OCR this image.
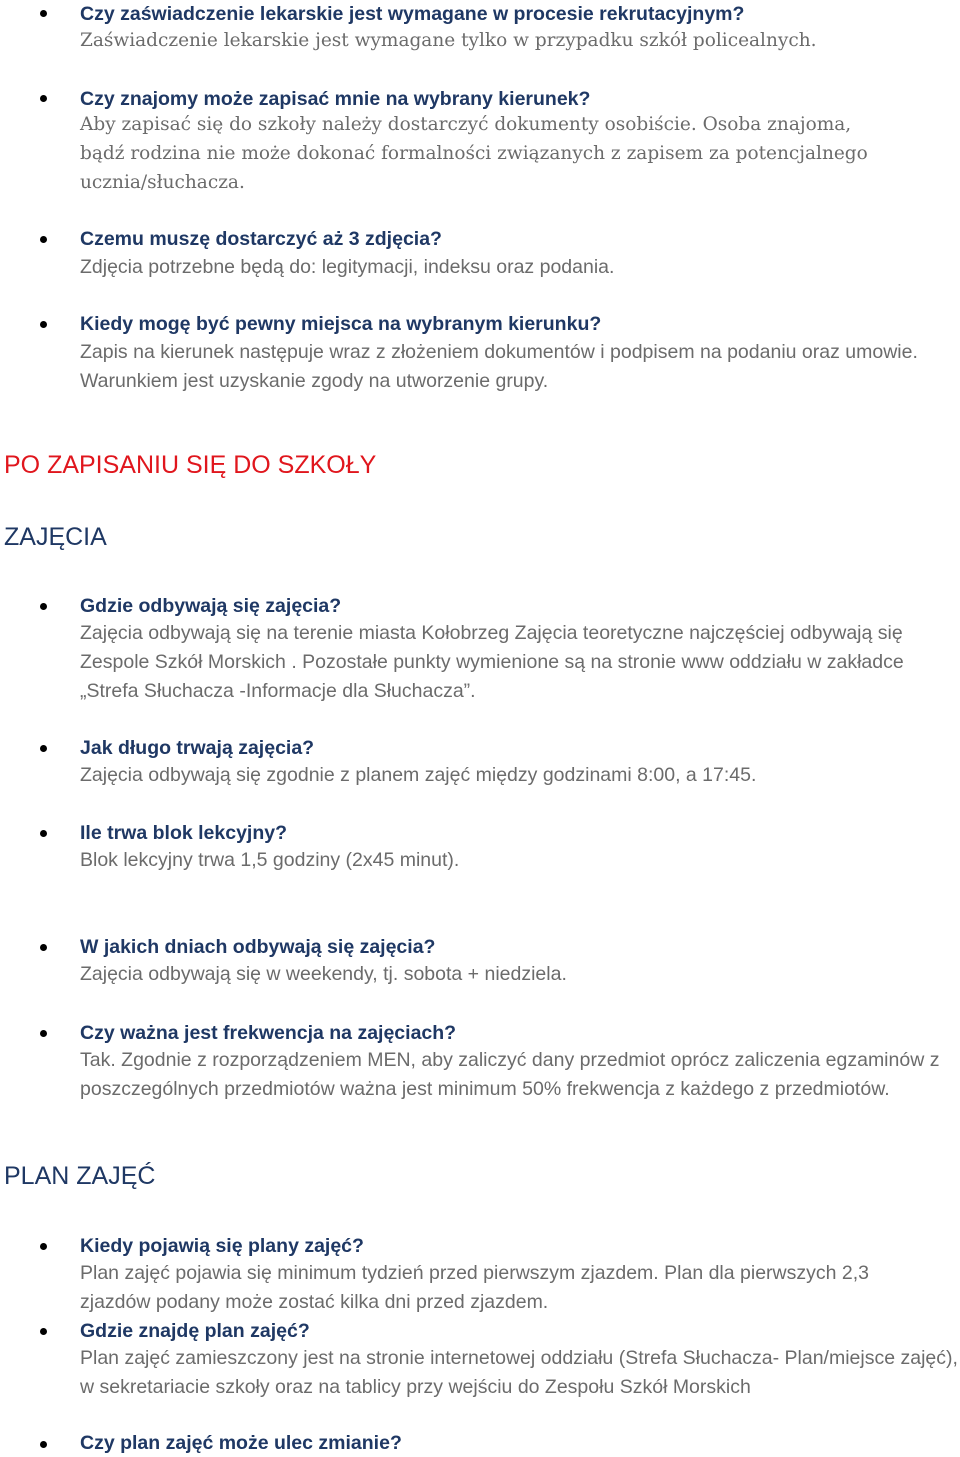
Czy zaświadczenie lekarskie jest wymagane w procesie rekrutacyjnym?
Zaświadczenie lekarskie jest wymagane tylko w przypadku szkół policealnych.
Czy znajomy może zapisać mnie na wybrany kierunek?
Aby zapisać się do szkoły należy dostarczyć dokumenty osobiście. Osoba znajoma, bądź rodzina nie może dokonać formalności związanych z zapisem za potencjalnego ucznia/słuchacza.
Czemu muszę dostarczyć aż 3 zdjęcia?
Zdjęcia potrzebne będą do: legitymacji, indeksu oraz podania.
Kiedy mogę być pewny miejsca na wybranym kierunku?
Zapis na kierunek następuje wraz z złożeniem dokumentów i podpisem na podaniu oraz umowie. Warunkiem jest uzyskanie zgody na utworzenie grupy.
PO ZAPISANIU SIĘ DO SZKOŁY
ZAJĘCIA
Gdzie odbywają się zajęcia?
Zajęcia odbywają się na terenie miasta Kołobrzeg Zajęcia teoretyczne najczęściej odbywają się Zespole Szkół Morskich . Pozostałe punkty wymienione są na stronie www oddziału w zakładce „Strefa Słuchacza -Informacje dla Słuchacza”.
Jak długo trwają zajęcia?
Zajęcia odbywają się zgodnie z planem zajęć między godzinami 8:00, a 17:45.
Ile trwa blok lekcyjny?
Blok lekcyjny trwa 1,5 godziny (2x45 minut).
W jakich dniach odbywają się zajęcia?
Zajęcia odbywają się w weekendy, tj. sobota + niedziela.
Czy ważna jest frekwencja na zajęciach?
Tak. Zgodnie z rozporządzeniem MEN, aby zaliczyć dany przedmiot oprócz zaliczenia egzaminów z poszczególnych przedmiotów ważna jest minimum 50% frekwencja z każdego z przedmiotów.
PLAN ZAJĘĆ
Kiedy pojawią się plany zajęć?
Plan zajęć pojawia się minimum tydzień przed pierwszym zjazdem. Plan dla pierwszych 2,3 zjazdów podany może zostać kilka dni przed zjazdem.
Gdzie znajdę plan zajęć?
Plan zajęć zamieszczony jest na stronie internetowej oddziału (Strefa Słuchacza- Plan/miejsce zajęć), w sekretariacie szkoły oraz na tablicy przy wejściu do Zespołu Szkół Morskich
Czy plan zajęć może ulec zmianie?
